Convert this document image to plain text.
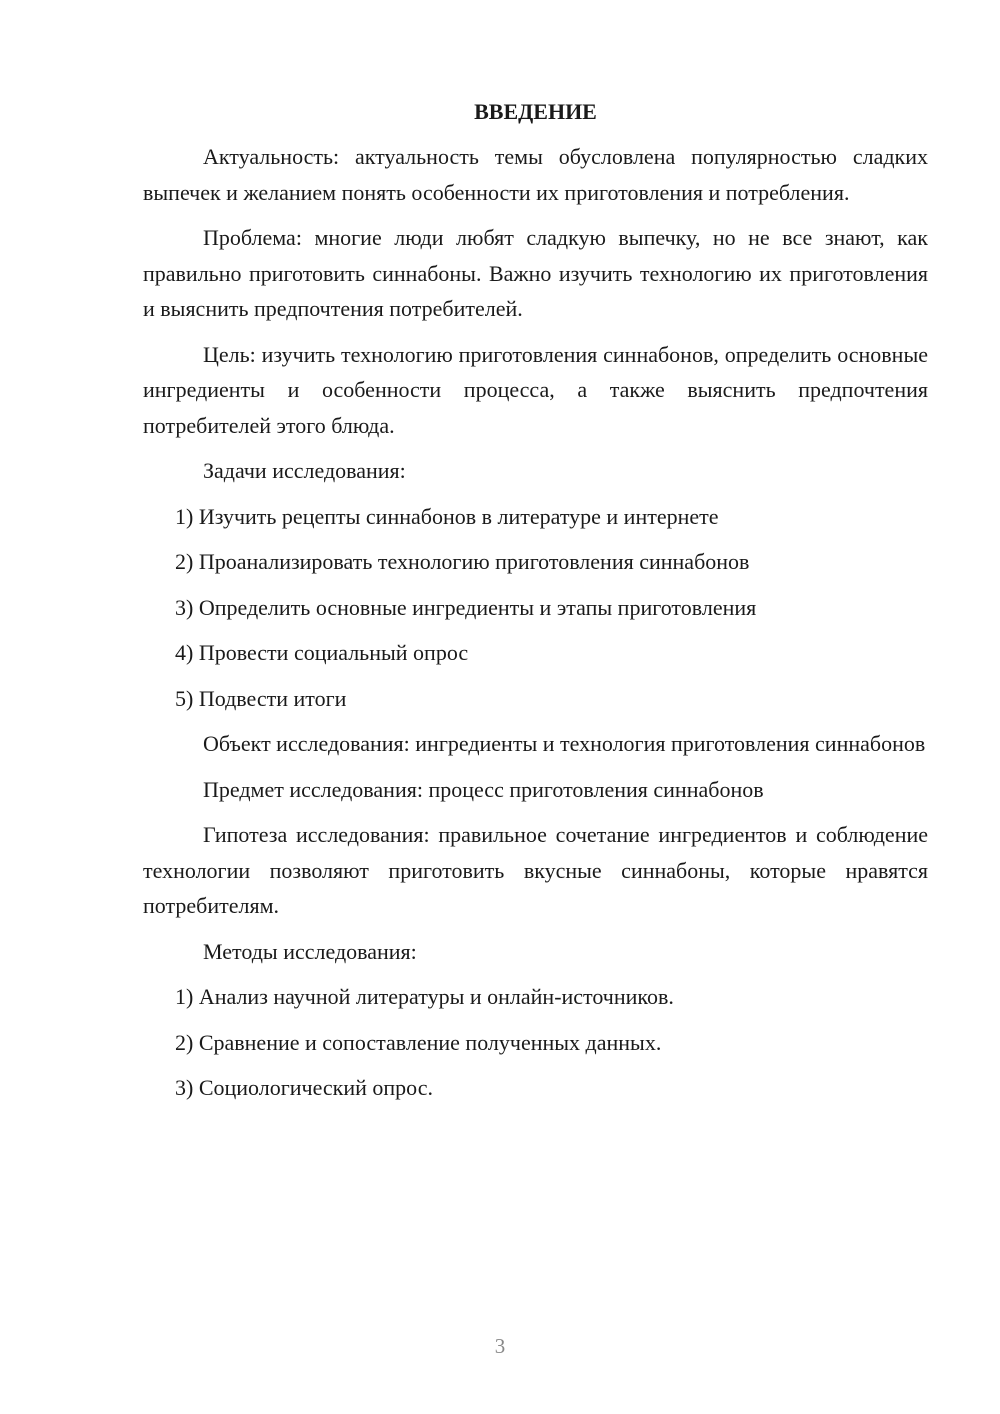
ВВЕДЕНИЕ

Актуальность: актуальность темы обусловлена популярностью сладких выпечек и желанием понять особенности их приготовления и потребления.

Проблема: многие люди любят сладкую выпечку, но не все знают, как правильно приготовить синнабоны. Важно изучить технологию их приготовления и выяснить предпочтения потребителей.

Цель: изучить технологию приготовления синнабонов, определить основные ингредиенты и особенности процесса, а также выяснить предпочтения потребителей этого блюда.

Задачи исследования:

1) Изучить рецепты синнабонов в литературе и интернете
2) Проанализировать технологию приготовления синнабонов
3) Определить основные ингредиенты и этапы приготовления
4) Провести социальный опрос
5) Подвести итоги

Объект исследования: ингредиенты и технология приготовления синнабонов

Предмет исследования: процесс приготовления синнабонов

Гипотеза исследования: правильное сочетание ингредиентов и соблюдение технологии позволяют приготовить вкусные синнабоны, которые нравятся потребителям.

Методы исследования:

1) Анализ научной литературы и онлайн-источников.
2) Сравнение и сопоставление полученных данных.
3) Социологический опрос.
3
